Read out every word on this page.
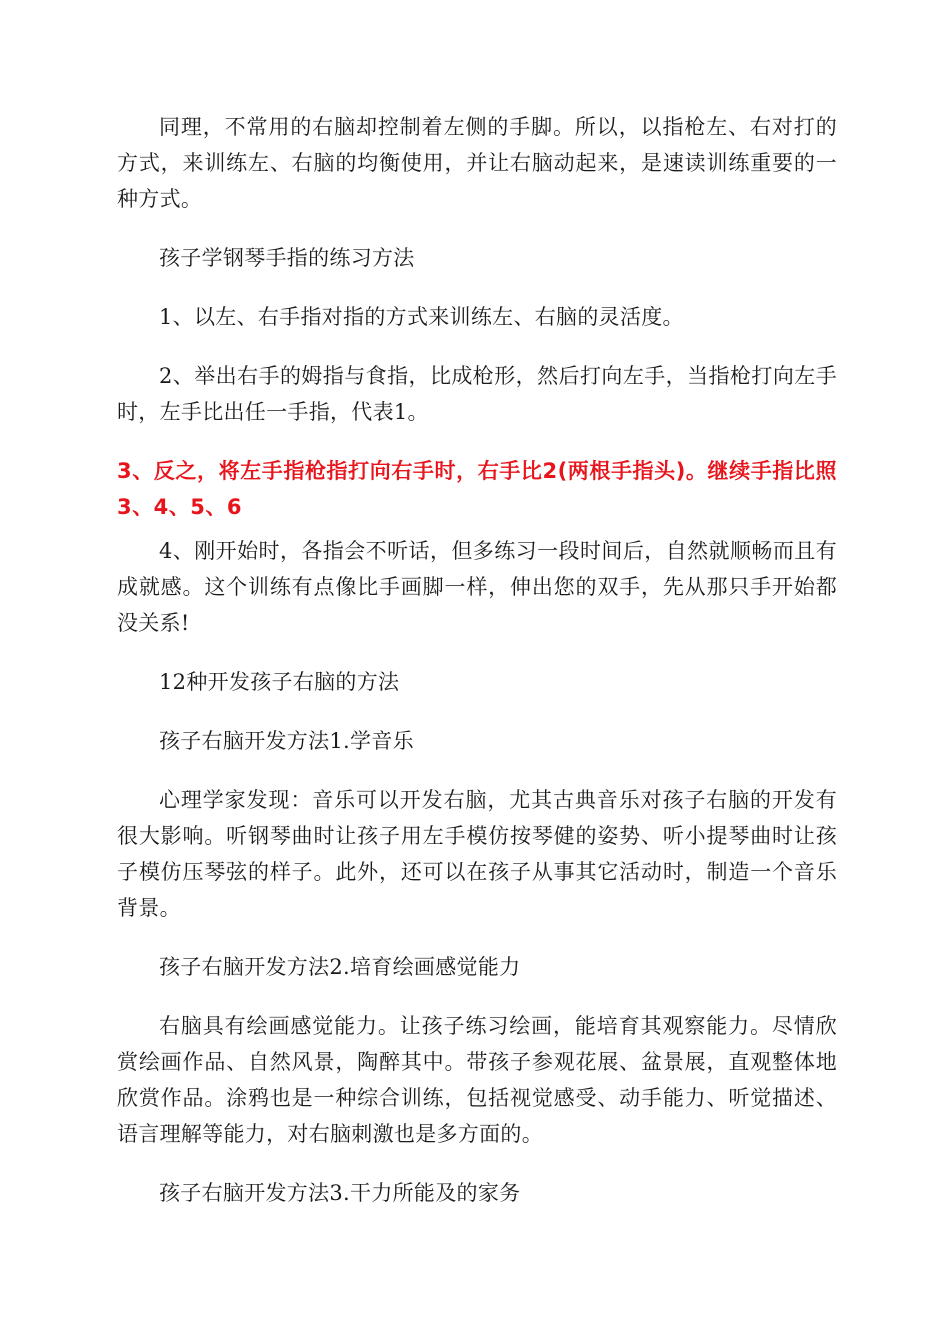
同理，不常用的右脑却控制着左侧的手脚。所以，以指枪左、右对打的方式，来训练左、右脑的均衡使用，并让右脑动起来，是速读训练重要的一种方式。

孩子学钢琴手指的练习方法

1、以左、右手指对指的方式来训练左、右脑的灵活度。

2、举出右手的姆指与食指，比成枪形，然后打向左手，当指枪打向左手时，左手比出任一手指，代表1。

3、反之，将左手指枪指打向右手时，右手比2(两根手指头)。继续手指比照3、4、5、6

4、刚开始时，各指会不听话，但多练习一段时间后，自然就顺畅而且有成就感。这个训练有点像比手画脚一样，伸出您的双手，先从那只手开始都没关系!

12种开发孩子右脑的方法

孩子右脑开发方法1.学音乐

心理学家发现：音乐可以开发右脑，尤其古典音乐对孩子右脑的开发有很大影响。听钢琴曲时让孩子用左手模仿按琴健的姿势、听小提琴曲时让孩子模仿压琴弦的样子。此外，还可以在孩子从事其它活动时，制造一个音乐背景。

孩子右脑开发方法2.培育绘画感觉能力

右脑具有绘画感觉能力。让孩子练习绘画，能培育其观察能力。尽情欣赏绘画作品、自然风景，陶醉其中。带孩子参观花展、盆景展，直观整体地欣赏作品。涂鸦也是一种综合训练，包括视觉感受、动手能力、听觉描述、语言理解等能力，对右脑刺激也是多方面的。

孩子右脑开发方法3.干力所能及的家务
